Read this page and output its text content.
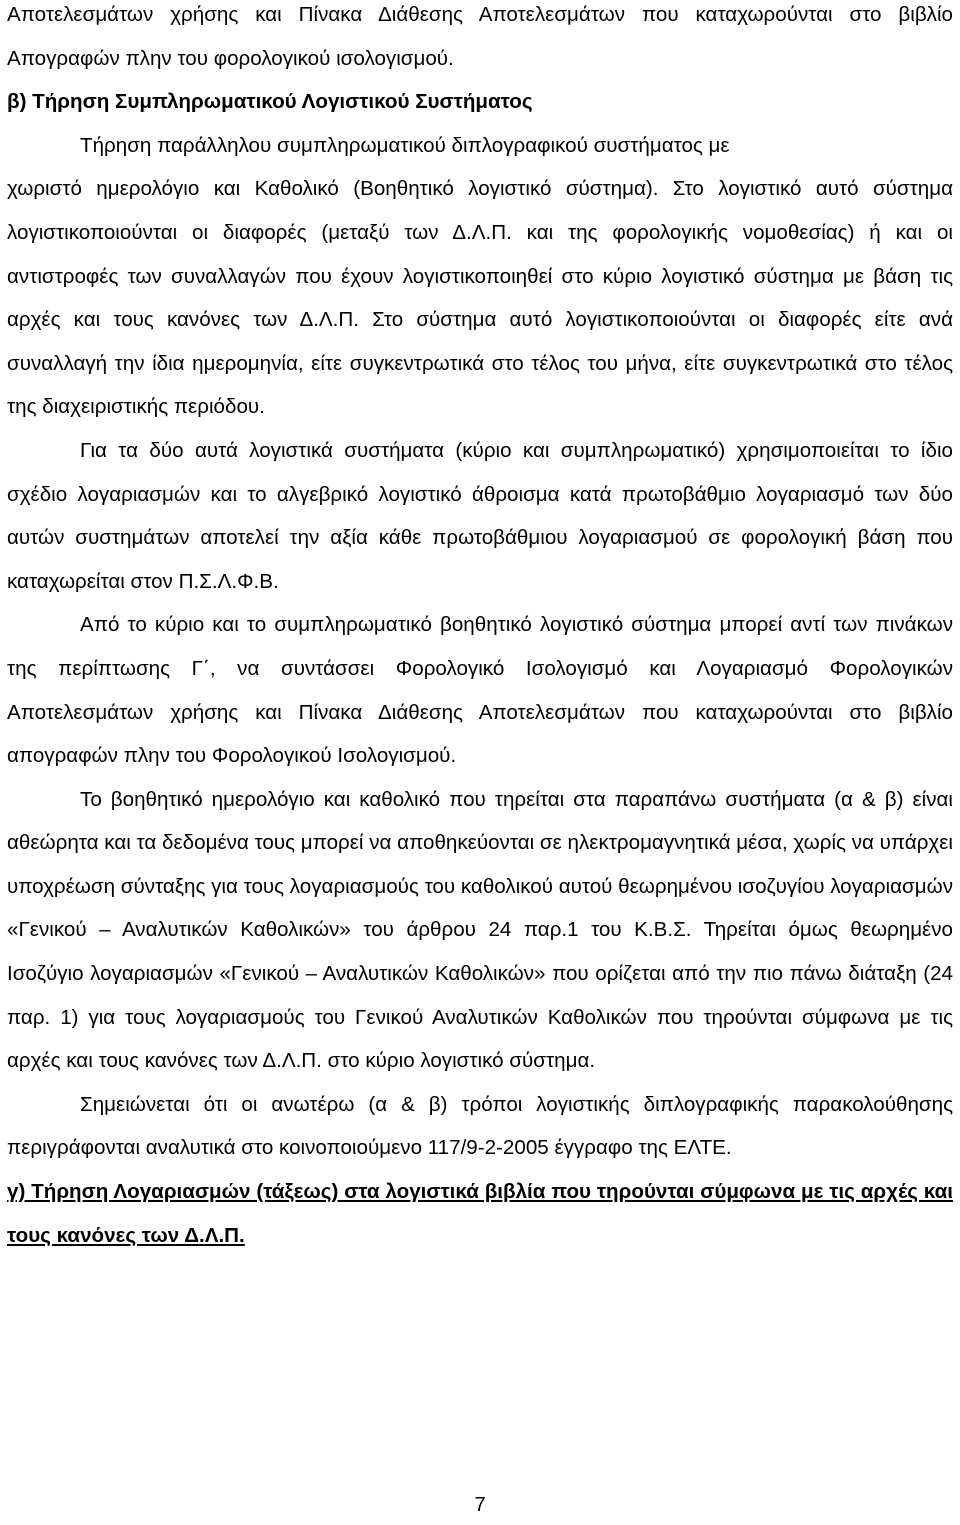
Αποτελεσμάτων χρήσης και Πίνακα Διάθεσης Αποτελεσμάτων που καταχωρούνται στο βιβλίο Απογραφών πλην του φορολογικού ισολογισμού.

β) Τήρηση Συμπληρωματικού Λογιστικού Συστήματος

Τήρηση παράλληλου συμπληρωματικού διπλογραφικού συστήματος με

χωριστό ημερολόγιο και Καθολικό (Βοηθητικό λογιστικό σύστημα). Στο λογιστικό αυτό σύστημα λογιστικοποιούνται οι διαφορές (μεταξύ των Δ.Λ.Π. και της φορολογικής νομοθεσίας) ή και οι αντιστροφές των συναλλαγών που έχουν λογιστικοποιηθεί στο κύριο λογιστικό σύστημα με βάση τις αρχές και τους κανόνες των Δ.Λ.Π. Στο σύστημα αυτό λογιστικοποιούνται οι διαφορές είτε ανά συναλλαγή την ίδια ημερομηνία, είτε συγκεντρωτικά στο τέλος του μήνα, είτε συγκεντρωτικά στο τέλος της διαχειριστικής περιόδου.

Για τα δύο αυτά λογιστικά συστήματα (κύριο και συμπληρωματικό) χρησιμοποιείται το ίδιο σχέδιο λογαριασμών και το αλγεβρικό λογιστικό άθροισμα κατά πρωτοβάθμιο λογαριασμό των δύο αυτών συστημάτων αποτελεί την αξία κάθε πρωτοβάθμιου λογαριασμού σε φορολογική βάση που καταχωρείται στον Π.Σ.Λ.Φ.Β.

Από το κύριο και το συμπληρωματικό βοηθητικό λογιστικό σύστημα μπορεί αντί των πινάκων της περίπτωσης Γ΄, να συντάσσει Φορολογικό Ισολογισμό και Λογαριασμό Φορολογικών Αποτελεσμάτων χρήσης και Πίνακα Διάθεσης Αποτελεσμάτων που καταχωρούνται στο βιβλίο απογραφών πλην του Φορολογικού Ισολογισμού.

Το βοηθητικό ημερολόγιο και καθολικό που τηρείται στα παραπάνω συστήματα (α & β) είναι αθεώρητα και τα δεδομένα τους μπορεί να αποθηκεύονται σε ηλεκτρομαγνητικά μέσα, χωρίς να υπάρχει υποχρέωση σύνταξης για τους λογαριασμούς του καθολικού αυτού θεωρημένου ισοζυγίου λογαριασμών «Γενικού – Αναλυτικών Καθολικών» του άρθρου 24 παρ.1 του Κ.Β.Σ. Τηρείται όμως θεωρημένο Ισοζύγιο λογαριασμών «Γενικού – Αναλυτικών Καθολικών» που ορίζεται από την πιο πάνω διάταξη (24 παρ. 1) για τους λογαριασμούς του Γενικού Αναλυτικών Καθολικών που τηρούνται σύμφωνα με τις αρχές και τους κανόνες των Δ.Λ.Π. στο κύριο λογιστικό σύστημα.

Σημειώνεται ότι οι ανωτέρω (α & β) τρόποι λογιστικής διπλογραφικής παρακολούθησης περιγράφονται αναλυτικά στο κοινοποιούμενο 117/9-2-2005 έγγραφο της ΕΛΤΕ.

γ) Τήρηση Λογαριασμών (τάξεως) στα λογιστικά βιβλία που τηρούνται σύμφωνα με τις αρχές και τους κανόνες των Δ.Λ.Π.

7
